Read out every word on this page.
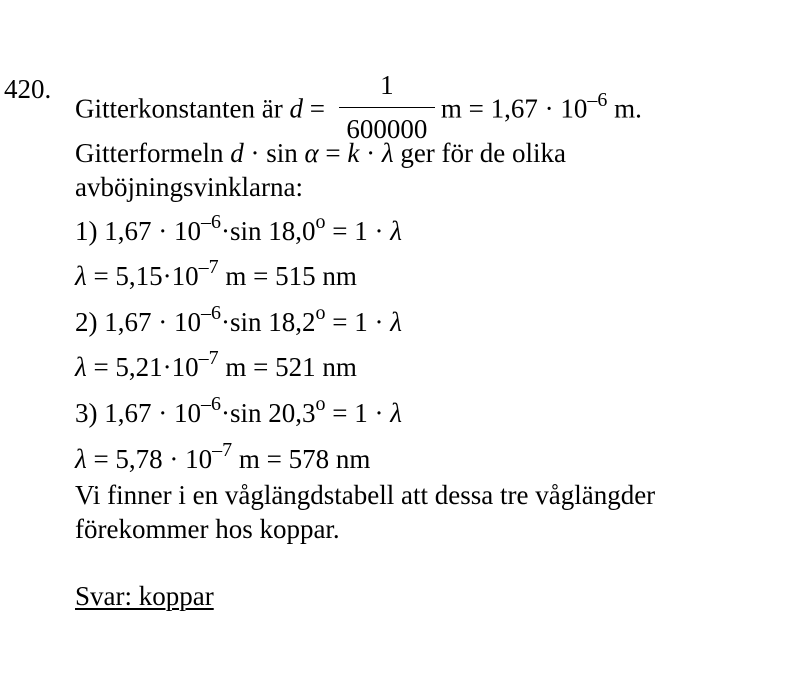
420.
Gitterkonstanten är $d = \frac{1}{600000}$ $m = 1,67 \cdot 10^{-6}$ m.
Gitterformeln d · sin α = k · λ ger för de olika
avböjningsvinklarna:
1) $1,67 \cdot 10^{-6}\cdot\sin$ $18,0^o = 1 \cdot \lambda$
$\lambda = 5,15\cdot 10^{-7}$ m = 515 nm
2) $1,67 \cdot 10^{-6}\cdot\sin$ $18,2^o = 1 \cdot \lambda$
$\lambda = 5,21\cdot 10^{-7}$ m = 521 nm
3) $1,67 \cdot 10^{-6}\cdot\sin$ $20,3^o = 1 \cdot \lambda$
$\lambda = 5,78 \cdot 10^{-7}$ m = 578 nm
Vi finner i en våglängdstabell att dessa tre våglängder
förekommer hos koppar.
Svar: koppar
